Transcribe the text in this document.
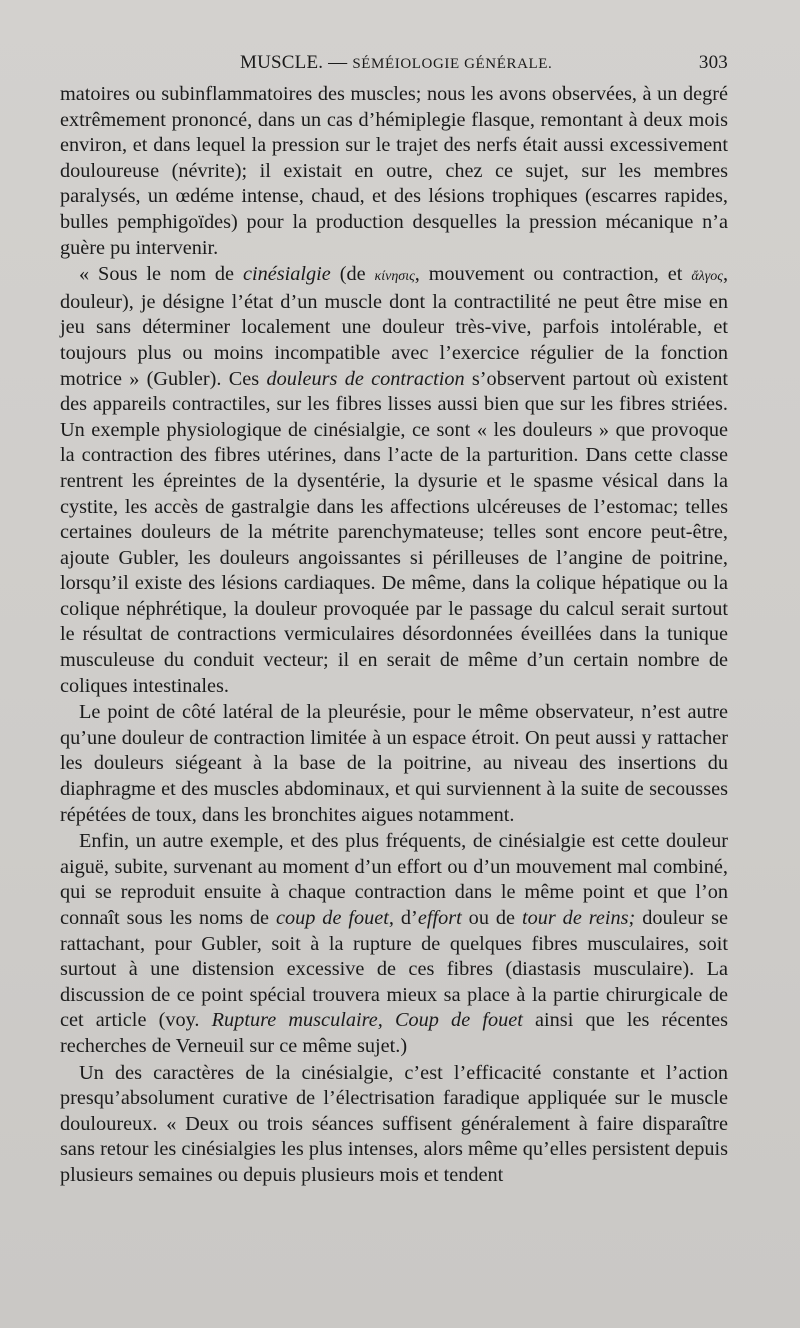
MUSCLE. — SÉMÉIOLOGIE GÉNÉRALE.	303

matoires ou subinflammatoires des muscles; nous les avons observées, à un degré extrêmement prononcé, dans un cas d’hémiplegie flasque, remontant à deux mois environ, et dans lequel la pression sur le trajet des nerfs était aussi excessivement douloureuse (névrite); il existait en outre, chez ce sujet, sur les membres paralysés, un œdéme intense, chaud, et des lésions trophiques (escarres rapides, bulles pemphigoïdes) pour la production desquelles la pression mécanique n’a guère pu intervenir.

« Sous le nom de cinésialgie (de κίνησις, mouvement ou contraction, et ἄλγος, douleur), je désigne l’état d’un muscle dont la contractilité ne peut être mise en jeu sans déterminer localement une douleur très-vive, parfois intolérable, et toujours plus ou moins incompatible avec l’exercice régulier de la fonction motrice » (Gubler). Ces douleurs de contraction s’observent partout où existent des appareils contractiles, sur les fibres lisses aussi bien que sur les fibres striées. Un exemple physiologique de cinésialgie, ce sont « les douleurs » que provoque la contraction des fibres utérines, dans l’acte de la parturition. Dans cette classe rentrent les épreintes de la dysentérie, la dysurie et le spasme vésical dans la cystite, les accès de gastralgie dans les affections ulcéreuses de l’estomac; telles certaines douleurs de la métrite parenchymateuse; telles sont encore peut-être, ajoute Gubler, les douleurs angoissantes si périlleuses de l’angine de poitrine, lorsqu’il existe des lésions cardiaques. De même, dans la colique hépatique ou la colique néphrétique, la douleur provoquée par le passage du calcul serait surtout le résultat de contractions vermiculaires désordonnées éveillées dans la tunique musculeuse du conduit vecteur; il en serait de même d’un certain nombre de coliques intestinales.

Le point de côté latéral de la pleurésie, pour le même observateur, n’est autre qu’une douleur de contraction limitée à un espace étroit. On peut aussi y rattacher les douleurs siégeant à la base de la poitrine, au niveau des insertions du diaphragme et des muscles abdominaux, et qui surviennent à la suite de secousses répétées de toux, dans les bronchites aigues notamment.

Enfin, un autre exemple, et des plus fréquents, de cinésialgie est cette douleur aiguë, subite, survenant au moment d’un effort ou d’un mouvement mal combiné, qui se reproduit ensuite à chaque contraction dans le même point et que l’on connaît sous les noms de coup de fouet, d’effort ou de tour de reins; douleur se rattachant, pour Gubler, soit à la rupture de quelques fibres musculaires, soit surtout à une distension excessive de ces fibres (diastasis musculaire). La discussion de ce point spécial trouvera mieux sa place à la partie chirurgicale de cet article (voy. Rupture musculaire, Coup de fouet ainsi que les récentes recherches de Verneuil sur ce même sujet.)

Un des caractères de la cinésialgie, c’est l’efficacité constante et l’action presqu’absolument curative de l’électrisation faradique appliquée sur le muscle douloureux. « Deux ou trois séances suffisent généralement à faire disparaître sans retour les cinésialgies les plus intenses, alors même qu’elles persistent depuis plusieurs semaines ou depuis plusieurs mois et tendent
